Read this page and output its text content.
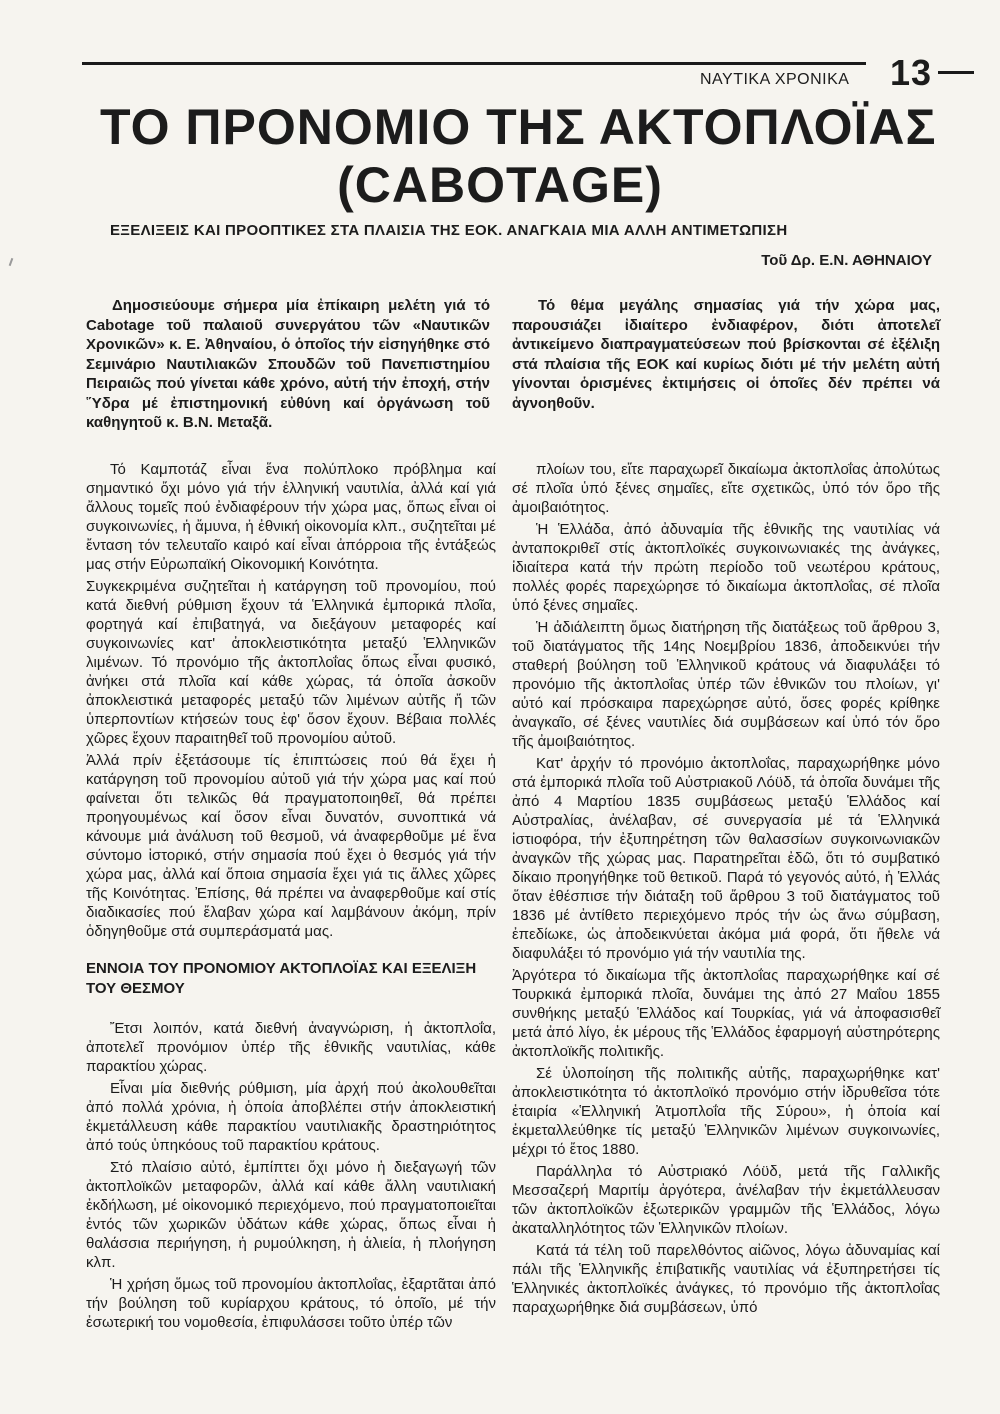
ΝΑΥΤΙΚΑ ΧΡΟΝΙΚΑ	13
ΤΟ ΠΡΟΝΟΜΙΟ ΤΗΣ ΑΚΤΟΠΛΟΪΑΣ
(CABOTAGE)
ΕΞΕΛΙΞΕΙΣ ΚΑΙ ΠΡΟΟΠΤΙΚΕΣ ΣΤΑ ΠΛΑΙΣΙΑ ΤΗΣ ΕΟΚ. ΑΝΑΓΚΑΙΑ ΜΙΑ ΑΛΛΗ ΑΝΤΙΜΕΤΩΠΙΣΗ
Τοῦ Δρ. Ε.Ν. ΑΘΗΝΑΙΟΥ

Δημοσιεύουμε σήμερα μία ἐπίκαιρη μελέτη γιά τό Cabotage τοῦ παλαιοῦ συνεργάτου τῶν «Ναυτικῶν Χρονικῶν» κ. Ε. Ἀθηναίου, ὁ ὁποῖος τήν εἰσηγήθηκε στό Σεμινάριο Ναυτιλιακῶν Σπουδῶν τοῦ Πανεπιστημίου Πειραιῶς πού γίνεται κάθε χρόνο, αὐτή τήν ἐποχή, στήν Ὕδρα μέ ἐπιστημονική εὐθύνη καί ὀργάνωση τοῦ καθηγητοῦ κ. Β.Ν. Μεταξᾶ.

Τό θέμα μεγάλης σημασίας γιά τήν χώρα μας, παρουσιάζει ἰδιαίτερο ἐνδιαφέρον, διότι ἀποτελεῖ ἀντικείμενο διαπραγματεύσεων πού βρίσκονται σέ ἐξέλιξη στά πλαίσια τῆς ΕΟΚ καί κυρίως διότι μέ τήν μελέτη αὐτή γίνονται ὁρισμένες ἐκτιμήσεις οἱ ὁποῖες δέν πρέπει νά ἀγνοηθοῦν.

Τό Καμποτάζ εἶναι ἕνα πολύπλοκο πρόβλημα καί σημαντικό ὄχι μόνο γιά τήν ἑλληνική ναυτιλία, ἀλλά καί γιά ἄλλους τομεῖς πού ἐνδιαφέρουν τήν χώρα μας, ὅπως εἶναι οἱ συγκοινωνίες, ἡ ἄμυνα, ἡ ἐθνική οἰκονομία κλπ., συζητεῖται μέ ἔνταση τόν τελευταῖο καιρό καί εἶναι ἀπόρροια τῆς ἐντάξεώς μας στήν Εὐρωπαϊκή Οἰκονομική Κοινότητα.

Συγκεκριμένα συζητεῖται ἡ κατάργηση τοῦ προνομίου, πού κατά διεθνή ρύθμιση ἔχουν τά Ἑλληνικά ἐμπορικά πλοῖα, φορτηγά καί ἐπιβατηγά, να διεξάγουν μεταφορές καί συγκοινωνίες κατ' ἀποκλειστικότητα μεταξύ Ἑλληνικῶν λιμένων. Τό προνόμιο τῆς ἀκτοπλοΐας ὅπως εἶναι φυσικό, ἀνήκει στά πλοῖα καί κάθε χώρας, τά ὁποῖα ἀσκοῦν ἀποκλειστικά μεταφορές μεταξύ τῶν λιμένων αὐτῆς ἤ τῶν ὑπερποντίων κτήσεών τους ἐφ' ὅσον ἔχουν. Βέβαια πολλές χῶρες ἔχουν παραιτηθεῖ τοῦ προνομίου αὐτοῦ.

Ἀλλά πρίν ἐξετάσουμε τίς ἐπιπτώσεις πού θά ἔχει ἡ κατάργηση τοῦ προνομίου αὐτοῦ γιά τήν χώρα μας καί πού φαίνεται ὅτι τελικῶς θά πραγματοποιηθεῖ, θά πρέπει προηγουμένως καί ὅσον εἶναι δυνατόν, συνοπτικά νά κάνουμε μιά ἀνάλυση τοῦ θεσμοῦ, νά ἀναφερθοῦμε μέ ἕνα σύντομο ἱστορικό, στήν σημασία πού ἔχει ὁ θεσμός γιά τήν χώρα μας, ἀλλά καί ὅποια σημασία ἔχει γιά τις ἄλλες χῶρες τῆς Κοινότητας. Ἐπίσης, θά πρέπει να ἀναφερθοῦμε καί στίς διαδικασίες πού ἔλαβαν χώρα καί λαμβάνουν ἀκόμη, πρίν ὁδηγηθοῦμε στά συμπεράσματά μας.

ΕΝΝΟΙΑ ΤΟΥ ΠΡΟΝΟΜΙΟΥ ΑΚΤΟΠΛΟΪΑΣ ΚΑΙ ΕΞΕΛΙΞΗ ΤΟΥ ΘΕΣΜΟΥ

Ἔτσι λοιπόν, κατά διεθνή ἀναγνώριση, ἡ ἀκτοπλοΐα, ἀποτελεῖ προνόμιον ὑπέρ τῆς ἐθνικῆς ναυτιλίας, κάθε παρακτίου χώρας.

Εἶναι μία διεθνής ρύθμιση, μία ἀρχή πού ἀκολουθεῖται ἀπό πολλά χρόνια, ἡ ὁποία ἀποβλέπει στήν ἀποκλειστική ἐκμετάλλευση κάθε παρακτίου ναυτιλιακῆς δραστηριότητος ἀπό τούς ὑπηκόους τοῦ παρακτίου κράτους.

Στό πλαίσιο αὐτό, ἐμπίπτει ὄχι μόνο ἡ διεξαγωγή τῶν ἀκτοπλοϊκῶν μεταφορῶν, ἀλλά καί κάθε ἄλλη ναυτιλιακή ἐκδήλωση, μέ οἰκονομικό περιεχόμενο, πού πραγματοποιεῖται ἐντός τῶν χωρικῶν ὑδάτων κάθε χώρας, ὅπως εἶναι ἡ θαλάσσια περιήγηση, ἡ ρυμούλκηση, ἡ ἁλιεία, ἡ πλοήγηση κλπ.

Ἡ χρήση ὅμως τοῦ προνομίου ἀκτοπλοΐας, ἐξαρτᾶται ἀπό τήν βούληση τοῦ κυρίαρχου κράτους, τό ὁποῖο, μέ τήν ἐσωτερική του νομοθεσία, ἐπιφυλάσσει τοῦτο ὑπέρ τῶν

πλοίων του, εἴτε παραχωρεῖ δικαίωμα ἀκτοπλοΐας ἀπολύτως σέ πλοῖα ὑπό ξένες σημαῖες, εἴτε σχετικῶς, ὑπό τόν ὅρο τῆς ἀμοιβαιότητος.

Ἡ Ἑλλάδα, ἀπό ἀδυναμία τῆς ἐθνικῆς της ναυτιλίας νά ἀνταποκριθεῖ στίς ἀκτοπλοϊκές συγκοινωνιακές της ἀνάγκες, ἰδιαίτερα κατά τήν πρώτη περίοδο τοῦ νεωτέρου κράτους, πολλές φορές παρεχώρησε τό δικαίωμα ἀκτοπλοΐας, σέ πλοῖα ὑπό ξένες σημαῖες.

Ἡ ἀδιάλειπτη ὅμως διατήρηση τῆς διατάξεως τοῦ ἄρθρου 3, τοῦ διατάγματος τῆς 14ης Νοεμβρίου 1836, ἀποδεικνύει τήν σταθερή βούληση τοῦ Ἑλληνικοῦ κράτους νά διαφυλάξει τό προνόμιο τῆς ἀκτοπλοΐας ὑπέρ τῶν ἐθνικῶν του πλοίων, γι' αὐτό καί πρόσκαιρα παρεχώρησε αὐτό, ὅσες φορές κρίθηκε ἀναγκαῖο, σέ ξένες ναυτιλίες διά συμβάσεων καί ὑπό τόν ὅρο τῆς ἀμοιβαιότητος.

Κατ' ἀρχήν τό προνόμιο ἀκτοπλοΐας, παραχωρήθηκε μόνο στά ἐμπορικά πλοῖα τοῦ Αὐστριακοῦ Λόϋδ, τά ὁποῖα δυνάμει τῆς ἀπό 4 Μαρτίου 1835 συμβάσεως μεταξύ Ἑλλάδος καί Αὐστραλίας, ἀνέλαβαν, σέ συνεργασία μέ τά Ἑλληνικά ἱστιοφόρα, τήν ἐξυπηρέτηση τῶν θαλασσίων συγκοινωνιακῶν ἀναγκῶν τῆς χώρας μας. Παρατηρεῖται ἐδῶ, ὅτι τό συμβατικό δίκαιο προηγήθηκε τοῦ θετικοῦ. Παρά τό γεγονός αὐτό, ἡ Ἑλλάς ὅταν ἐθέσπισε τήν διάταξη τοῦ ἄρθρου 3 τοῦ διατάγματος τοῦ 1836 μέ ἀντίθετο περιεχόμενο πρός τήν ὡς ἄνω σύμβαση, ἐπεδίωκε, ὡς ἀποδεικνύεται ἀκόμα μιά φορά, ὅτι ἤθελε νά διαφυλάξει τό προνόμιο γιά τήν ναυτιλία της.

Ἀργότερα τό δικαίωμα τῆς ἀκτοπλοΐας παραχωρήθηκε καί σέ Τουρκικά ἐμπορικά πλοῖα, δυνάμει της ἀπό 27 Μαΐου 1855 συνθήκης μεταξύ Ἑλλάδος καί Τουρκίας, γιά νά ἀποφασισθεῖ μετά ἀπό λίγο, ἐκ μέρους τῆς Ἑλλάδος ἐφαρμογή αὐστηρότερης ἀκτοπλοϊκῆς πολιτικῆς.

Σέ ὑλοποίηση τῆς πολιτικῆς αὐτῆς, παραχωρήθηκε κατ' ἀποκλειστικότητα τό ἀκτοπλοϊκό προνόμιο στήν ἱδρυθεῖσα τότε ἑταιρία «Ἑλληνική Ἀτμοπλοΐα τῆς Σύρου», ἡ ὁποία καί ἐκμεταλλεύθηκε τίς μεταξύ Ἑλληνικῶν λιμένων συγκοινωνίες, μέχρι τό ἔτος 1880.

Παράλληλα τό Αὐστριακό Λόϋδ, μετά τῆς Γαλλικῆς Μεσσαζερή Μαριτίμ ἀργότερα, ἀνέλαβαν τήν ἐκμετάλλευσαν τῶν ἀκτοπλοϊκῶν ἐξωτερικῶν γραμμῶν τῆς Ἑλλάδος, λόγω ἀκαταλληλότητος τῶν Ἑλληνικῶν πλοίων.

Κατά τά τέλη τοῦ παρελθόντος αἰῶνος, λόγω ἀδυναμίας καί πάλι τῆς Ἑλληνικῆς ἐπιβατικῆς ναυτιλίας νά ἐξυπηρετήσει τίς Ἑλληνικές ἀκτοπλοϊκές ἀνάγκες, τό προνόμιο τῆς ἀκτοπλοΐας παραχωρήθηκε διά συμβάσεων, ὑπό
